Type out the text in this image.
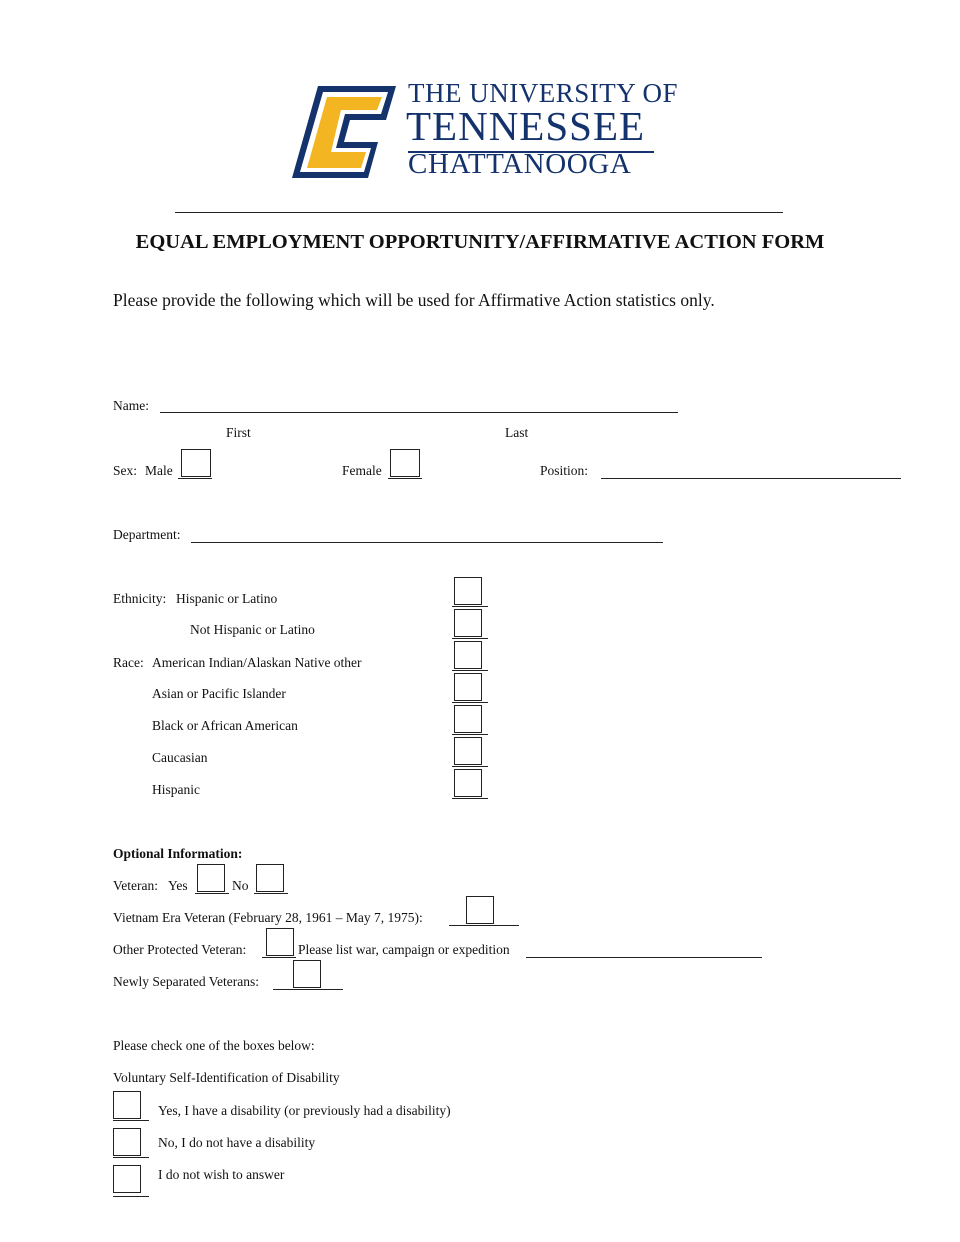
THE UNIVERSITY OF
TENNESSEE
CHATTANOOGA
EQUAL EMPLOYMENT OPPORTUNITY/AFFIRMATIVE ACTION FORM
Please provide the following which will be used for Affirmative Action statistics only.
Name:
First	Last
Sex: Male	Female	Position:
Department:
Ethnicity: Hispanic or Latino
Not Hispanic or Latino
Race: American Indian/Alaskan Native other
Asian or Pacific Islander
Black or African American
Caucasian
Hispanic
Optional Information:
Veteran: Yes	No
Vietnam Era Veteran (February 28, 1961 – May 7, 1975):
Other Protected Veteran:	Please list war, campaign or expedition
Newly Separated Veterans:
Please check one of the boxes below:
Voluntary Self-Identification of Disability
Yes, I have a disability (or previously had a disability)
No, I do not have a disability
I do not wish to answer
